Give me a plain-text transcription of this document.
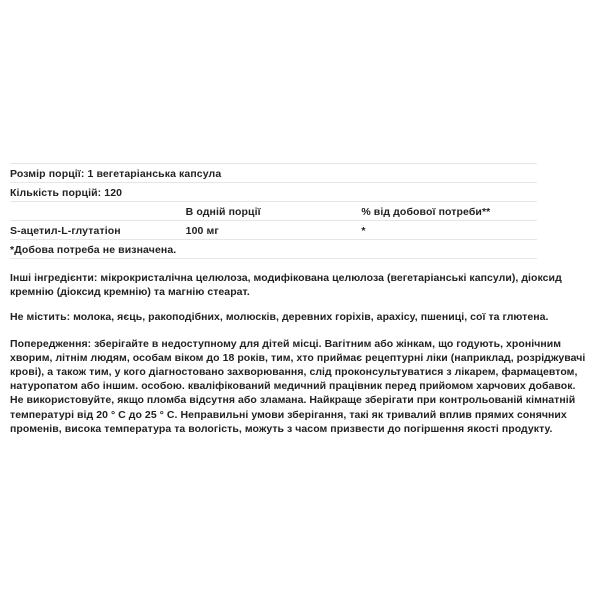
Розмір порції: 1 вегетаріанська капсула		
Кількість порцій: 120		
	В одній порції	% від добової потреби**
S-ацетил-L-глутатіон	100 мг	*
*Добова потреба не визначена.		

Інші інгредієнти: мікрокристалічна целюлоза, модифікована целюлоза (вегетаріанські капсули), діоксид кремнію (діоксид кремнію) та магнію стеарат.

Не містить: молока, яєць, ракоподібних, молюсків, деревних горіхів, арахісу, пшениці, сої та глютена.

Попередження: зберігайте в недоступному для дітей місці. Вагітним або жінкам, що годують, хронічним хворим, літнім людям, особам віком до 18 років, тим, хто приймає рецептурні ліки (наприклад, розріджувачі крові), а також тим, у кого діагностовано захворювання, слід проконсультуватися з лікарем, фармацевтом, натуропатом або іншим. особою. кваліфікований медичний працівник перед прийомом харчових добавок. Не використовуйте, якщо пломба відсутня або зламана. Найкраще зберігати при контрольованій кімнатній температурі від 20 ° C до 25 ° C. Неправильні умови зберігання, такі як тривалий вплив прямих сонячних променів, висока температура та вологість, можуть з часом призвести до погіршення якості продукту.
